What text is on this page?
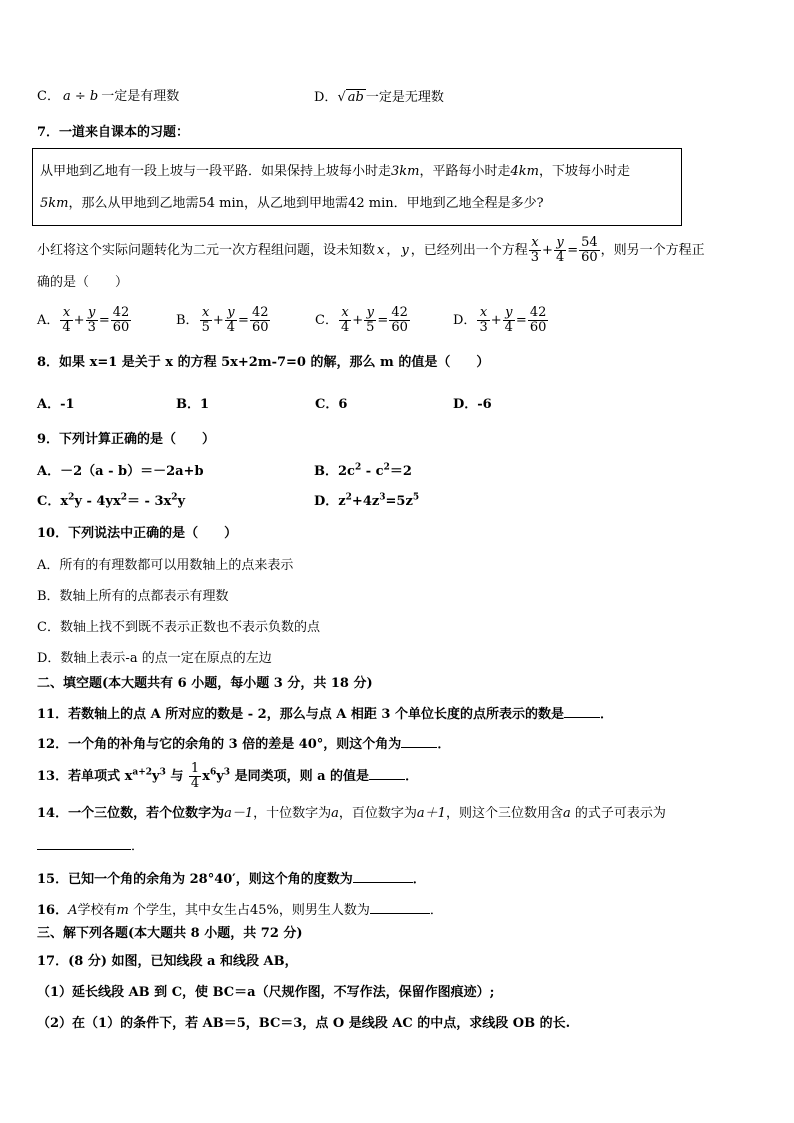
C． a ÷ b 一定是有理数	D．√ ab 一定是无理数
7．一道来自课本的习题：
从甲地到乙地有一段上坡与一段平路．如果保持上坡每小时走3km，平路每小时走4km，下坡每小时走
5km，那么从甲地到乙地需54 min，从乙地到甲地需42 min．甲地到乙地全程是多少?
小红将这个实际问题转化为二元一次方程组问题，设未知数 x ， y ，已经列出一个方程 $\frac{x}{3} + \frac{y}{4} = \frac{54}{60}$ ，则另一个方程正
确的是（　　）
A． $\frac{x}{4} + \frac{y}{3} = \frac{42}{60}$	B． $\frac{x}{5} + \frac{y}{4} = \frac{42}{60}$	C． $\frac{x}{4} + \frac{y}{5} = \frac{42}{60}$	D． $\frac{x}{3} + \frac{y}{4} = \frac{42}{60}$
8．如果 x=1 是关于 x 的方程 5x+2m-7=0 的解，那么 m 的值是（　　）
A．-1	B．1	C．6	D．-6
9．下列计算正确的是（　　）
A．－2（a - b）＝－2a+b	B．$2c^2 - c^2=2$
C．$x^2y - 4yx^2= - 3x^2y$	D．$z^2+4z^3=5z^5$
10．下列说法中正确的是（　　）
A．所有的有理数都可以用数轴上的点来表示
B．数轴上所有的点都表示有理数
C．数轴上找不到既不表示正数也不表示负数的点
D．数轴上表示-a 的点一定在原点的左边
二、填空题(本大题共有 6 小题，每小题 3 分，共 18 分)
11．若数轴上的点 A 所对应的数是 - 2，那么与点 A 相距 3 个单位长度的点所表示的数是	．
12．一个角的补角与它的余角的 3 倍的差是 40°，则这个角为	．
13．若单项式 $x^{a+2}y^3$ 与 $\frac{1}{4} x^6y^3$ 是同类项，则 a 的值是	．
14．一个三位数，若个位数字为a－1，十位数字为a，百位数字为a＋1，则这个三位数用含a 的式子可表示为
．
15．已知一个角的余角为 28°40′，则这个角的度数为	．
16．A学校有m 个学生，其中女生占45%，则男生人数为	．
三、解下列各题(本大题共 8 小题，共 72 分)
17．(8 分) 如图，已知线段 a 和线段 AB，
（1）延长线段 AB 到 C，使 BC＝a（尺规作图，不写作法，保留作图痕迹）;
（2）在（1）的条件下，若 AB＝5，BC＝3，点 O 是线段 AC 的中点，求线段 OB 的长.
